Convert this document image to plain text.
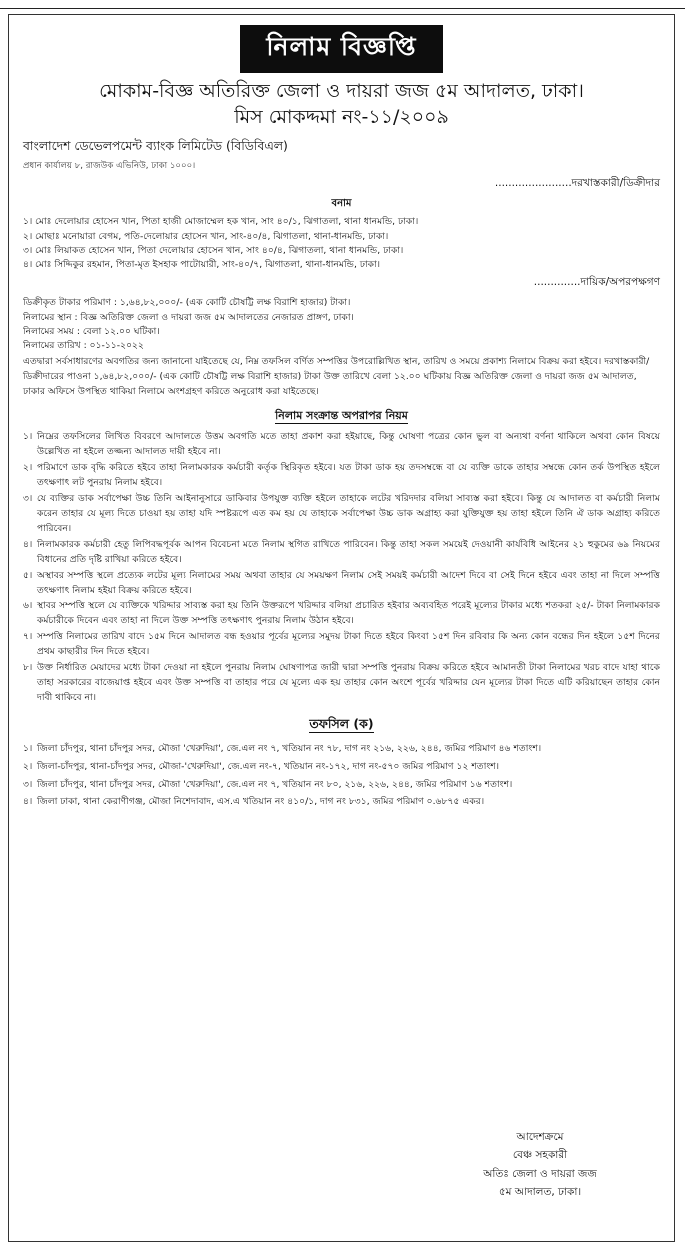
নিলাম বিজ্ঞপ্তি
মোকাম-বিজ্ঞ অতিরিক্ত জেলা ও দায়রা জজ ৫ম আদালত, ঢাকা।
মিস মোকদ্দমা নং-১১/২০০৯
বাংলাদেশ ডেভেলপমেন্ট ব্যাংক লিমিটেড (বিডিবিএল)
প্রধান কার্যালয় ৮, রাজউক এভিনিউ, ঢাকা ১০০০।
.......................দরখাস্তকারী/ডিক্রীদার
বনাম
১। মোঃ দেলোয়ার হোসেন খান, পিতা হাজী মোজাম্মেল হক খান, সাং ৪০/১, ঝিগাতলা, থানা ধানমন্ডি, ঢাকা।
২। মোছাঃ মনোয়ারা বেগম, পতি-দেলোয়ার হোসেন খান, সাং-৪০/৪, ঝিগাতলা, থানা-ধানমন্ডি, ঢাকা।
৩। মোঃ লিয়াকত হোসেন খান, পিতা দেলোয়ার হোসেন খান, সাং ৪০/৪, ঝিগাতলা, থানা ধানমন্ডি, ঢাকা।
৪। মোঃ সিদ্দিকুর রহমান, পিতা-মৃত ইসহাক পাটোয়ারী, সাং-৪০/৭, ঝিগাতলা, থানা-ধানমন্ডি, ঢাকা।
..............দায়িক/অপরপক্ষগণ
ডিক্রীকৃত টাকার পরিমাণ : ১,৬৪,৮২,০০০/- (এক কোটি চৌষট্টি লক্ষ বিরাশি হাজার) টাকা।
নিলামের স্থান : বিজ্ঞ অতিরিক্ত জেলা ও দায়রা জজ ৫ম আদালতের নেজারত প্রাঙ্গণ, ঢাকা।
নিলামের সময় : বেলা ১২.০০ ঘটিকা।
নিলামের তারিখ : ০১-১১-২০২২
এতদ্বারা সর্বসাধারণের অবগতির জন্য জানানো যাইতেছে যে, নিম্ন তফসিল বর্ণিত সম্পত্তির উপরোল্লিখিত স্থান, তারিখ ও সময়ে প্রকাশ্য নিলামে বিক্রয় করা হইবে। দরখাস্তকারী/ডিক্রীদারের পাওনা ১,৬৪,৮২,০০০/- (এক কোটি চৌষট্টি লক্ষ বিরাশি হাজার) টাকা উক্ত তারিখে বেলা ১২.০০ ঘটিকায় বিজ্ঞ অতিরিক্ত জেলা ও দায়রা জজ ৫ম আদালত, ঢাকার অফিসে উপস্থিত থাকিয়া নিলামে অংশগ্রহণ করিতে অনুরোধ করা যাইতেছে।
নিলাম সংক্রান্ত অপরাপর নিয়ম
১। নিম্নের তফসিলের লিখিত বিবরণে আদালতে উত্তম অবগতি মতে তাহা প্রকাশ করা হইয়াছে, কিন্তু ঘোষণা পত্রের কোন ভুল বা অন্যথা বর্ণনা থাকিলে অথবা কোন বিষয়ে উল্লেখিত না হইলে তজ্জন্য আদালত দায়ী হইবে না।
২। পরিমাণে ডাক বৃদ্ধি করিতে হইবে তাহা নিলামকারক কর্মচারী কর্তৃক স্থিরিকৃত হইবে। যত টাকা ডাক হয় তদসম্বন্ধে বা যে ব্যক্তি ডাকে তাহার সম্বন্ধে কোন তর্ক উপস্থিত হইলে তৎক্ষণাৎ লট পুনরায় নিলাম হইবে।
৩। যে ব্যক্তির ডাক সর্বাপেক্ষা উচ্চ তিনি আইনানুসারে ডাকিবার উপযুক্ত ব্যক্তি হইলে তাহাকে লটের খরিদদার বলিয়া সাব্যস্ত করা হইবে। কিন্তু যে আদালত বা কর্মচারী নিলাম করেন তাহার যে মূল্য দিতে চাওয়া হয় তাহা যদি স্পষ্টরূপে এত কম হয় যে তাহাকে সর্বাপেক্ষা উচ্চ ডাক অগ্রাহ্য করা যুক্তিযুক্ত হয় তাহা হইলে তিনি ঐ ডাক অগ্রাহ্য করিতে পারিবেন।
৪। নিলামকারক কর্মচারী হেতু লিপিবদ্ধপূর্বক আপন বিবেচনা মতে নিলাম স্থগিত রাখিতে পারিবেন। কিন্তু তাহা সকল সময়েই দেওয়ানী কার্যবিধি আইনের ২১ হুকুমের ৬৯ নিয়মের বিধানের প্রতি দৃষ্টি রাখিয়া করিতে হইবে।
৫। অস্থাবর সম্পত্তি স্থলে প্রত্যেক লটের মূল্য নিলামের সময় অথবা তাহার যে সময়ক্ষণ নিলাম সেই সময়ই কর্মচারী আদেশ দিবে বা সেই দিনে হইবে এবং তাহা না দিলে সম্পত্তি তৎক্ষণাৎ নিলাম হইয়া বিক্রয় করিতে হইবে।
৬। স্থাবর সম্পত্তি স্থলে যে ব্যক্তিকে খরিদ্দার সাব্যস্ত করা হয় তিনি উক্তরূপে খরিদ্দার বলিয়া প্রচারিত হইবার অব্যবহিত পরেই মূল্যের টাকার মধ্যে শতকরা ২৫/- টাকা নিলামকারক কর্মচারীকে দিবেন এবং তাহা না দিলে উক্ত সম্পত্তি তৎক্ষণাৎ পুনরায় নিলাম উঠান হইবে।
৭। সম্পত্তি নিলামের তারিখ বাদে ১৫ম দিনে আদালত বন্ধ হওয়ার পূর্বের মূল্যের সমুদয় টাকা দিতে হইবে কিংবা ১৫শ দিন রবিবার কি অন্য কোন বন্ধের দিন হইলে ১৫শ দিনের প্রথম কাছারীর দিন দিতে হইবে।
৮। উক্ত নির্ধারিত মেয়াদের মধ্যে টাকা দেওয়া না হইলে পুনরায় নিলাম ঘোষণাপত্র জারী দ্বারা সম্পত্তি পুনরায় বিক্রয় করিতে হইবে আমানতী টাকা নিলামের খরচ বাদে যাহা থাকে তাহা সরকারের বাজেয়াপ্ত হইবে এবং উক্ত সম্পত্তি বা তাহার পরে যে মূল্যে এক হয় তাহার কোন অংশে পূর্বের খরিদ্দার যেন মূল্যের টাকা দিতে এটি করিয়াছেন তাহার কোন দাবী থাকিবে না।
তফসিল (ক)
১। জিলা চাঁদপুর, থানা চাঁদপুর সদর, মৌজা 'খেরুদিয়া', জে.এল নং ৭, খতিয়ান নং ৭৮, দাগ নং ২১৬, ২২৬, ২৪৪, জমির পরিমাণ ৪৬ শতাংশ।
২। জিলা-চাঁদপুর, থানা-চাঁদপুর সদর, মৌজা-'খেরুদিয়া', জে.এল নং-৭, খতিয়ান নং-১৭২, দাগ নং-৫৭০ জমির পরিমাণ ১২ শতাংশ।
৩। জিলা চাঁদপুর, থানা চাঁদপুর সদর, মৌজা 'খেরুদিয়া', জে.এল নং ৭, খতিয়ান নং ৮০, ২১৬, ২২৬, ২৪৪, জমির পরিমাণ ১৬ শতাংশ।
৪। জিলা ঢাকা, থানা কেরাণীগঞ্জ, মৌজা নিশেদাবাদ, এস.এ খতিয়ান নং ৪১০/১, দাগ নং ৮৩১, জমির পরিমাণ ০.৬৮৭৫ একর।
আদেশক্রমে
বেঞ্চ সহকারী
অতিঃ জেলা ও দায়রা জজ
৫ম আদালত, ঢাকা।
